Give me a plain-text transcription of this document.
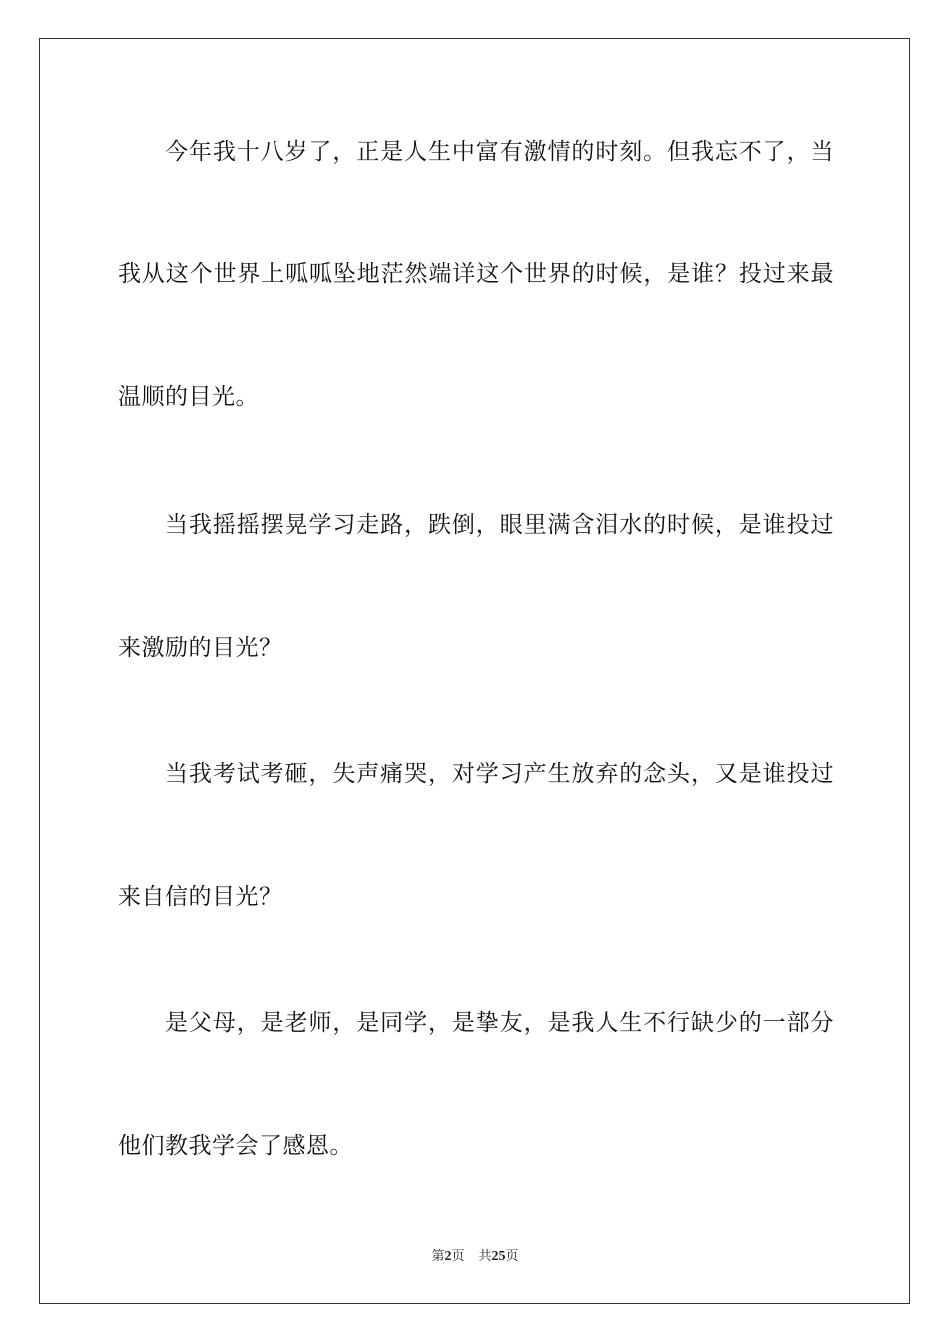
今年我十八岁了，正是人生中富有激情的时刻。但我忘不了，当
我从这个世界上呱呱坠地茫然端详这个世界的时候，是谁？投过来最
温顺的目光。
当我摇摇摆晃学习走路，跌倒，眼里满含泪水的时候，是谁投过
来激励的目光？
当我考试考砸，失声痛哭，对学习产生放弃的念头，又是谁投过
来自信的目光？
是父母，是老师，是同学，是挚友，是我人生不行缺少的一部分
他们教我学会了感恩。
第2页 共25页
